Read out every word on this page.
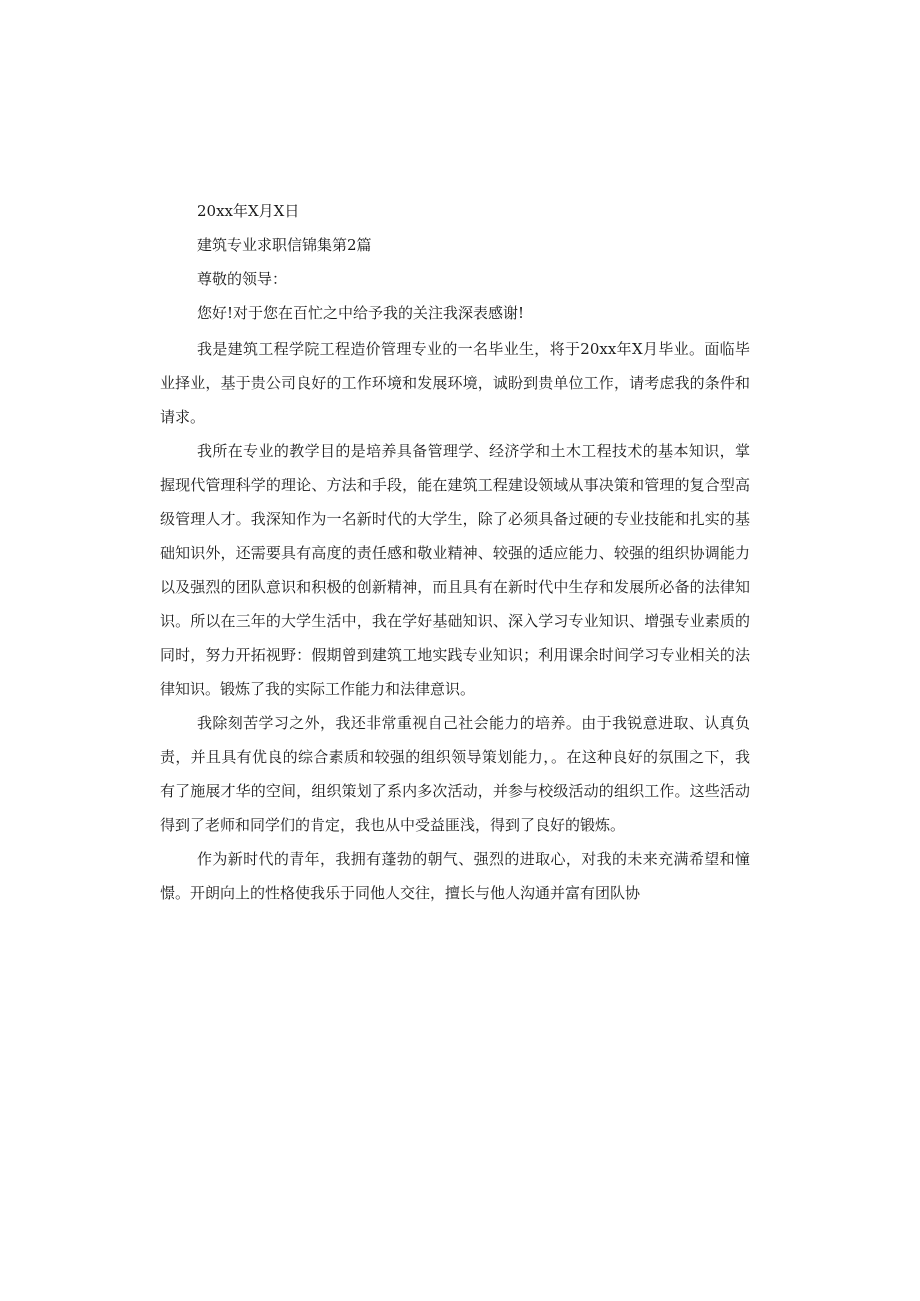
20xx年X月X日
建筑专业求职信锦集第2篇
尊敬的领导：
您好!对于您在百忙之中给予我的关注我深表感谢!

我是建筑工程学院工程造价管理专业的一名毕业生，将于20xx年X月毕业。面临毕业择业，基于贵公司良好的工作环境和发展环境，诚盼到贵单位工作，请考虑我的条件和请求。

我所在专业的教学目的是培养具备管理学、经济学和土木工程技术的基本知识，掌握现代管理科学的理论、方法和手段，能在建筑工程建设领域从事决策和管理的复合型高级管理人才。我深知作为一名新时代的大学生，除了必须具备过硬的专业技能和扎实的基础知识外，还需要具有高度的责任感和敬业精神、较强的适应能力、较强的组织协调能力以及强烈的团队意识和积极的创新精神，而且具有在新时代中生存和发展所必备的法律知识。所以在三年的大学生活中，我在学好基础知识、深入学习专业知识、增强专业素质的同时，努力开拓视野：假期曾到建筑工地实践专业知识；利用课余时间学习专业相关的法律知识。锻炼了我的实际工作能力和法律意识。

我除刻苦学习之外，我还非常重视自己社会能力的培养。由于我锐意进取、认真负责，并且具有优良的综合素质和较强的组织领导策划能力，。在这种良好的氛围之下，我有了施展才华的空间，组织策划了系内多次活动，并参与校级活动的组织工作。这些活动得到了老师和同学们的肯定，我也从中受益匪浅，得到了良好的锻炼。

作为新时代的青年，我拥有蓬勃的朝气、强烈的进取心，对我的未来充满希望和憧憬。开朗向上的性格使我乐于同他人交往，擅长与他人沟通并富有团队协
